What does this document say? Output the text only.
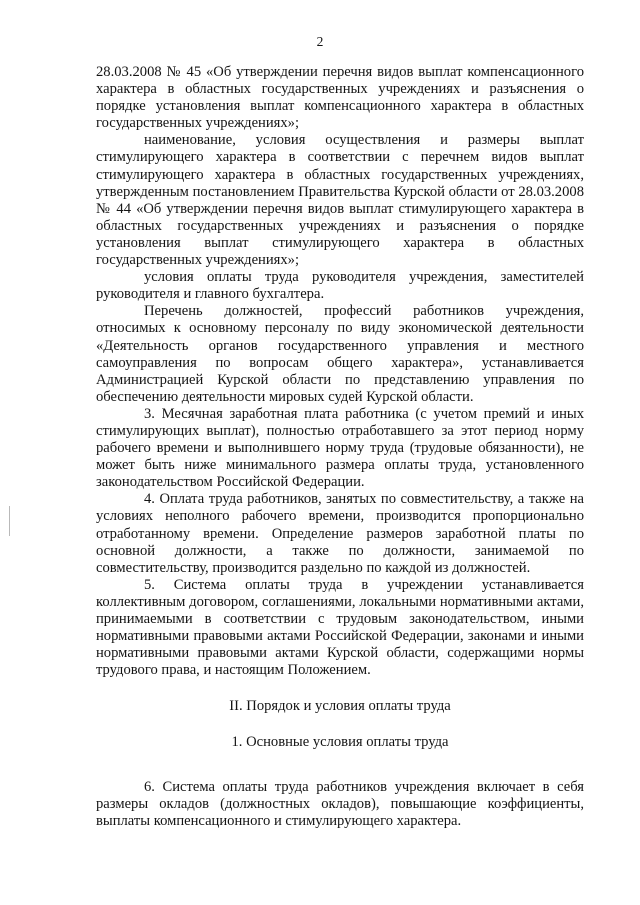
2

28.03.2008 № 45 «Об утверждении перечня видов выплат компенсационного характера в областных государственных учреждениях и разъяснения о порядке установления выплат компенсационного характера в областных государственных учреждениях»;

наименование, условия осуществления и размеры выплат стимулирующего характера в соответствии с перечнем видов выплат стимулирующего характера в областных государственных учреждениях, утвержденным постановлением Правительства Курской области от 28.03.2008 № 44 «Об утверждении перечня видов выплат стимулирующего характера в областных государственных учреждениях и разъяснения о порядке установления выплат стимулирующего характера в областных государственных учреждениях»;

условия оплаты труда руководителя учреждения, заместителей руководителя и главного бухгалтера.

Перечень должностей, профессий работников учреждения, относимых к основному персоналу по виду экономической деятельности «Деятельность органов государственного управления и местного самоуправления по вопросам общего характера», устанавливается Администрацией Курской области по представлению управления по обеспечению деятельности мировых судей Курской области.

3. Месячная заработная плата работника (с учетом премий и иных стимулирующих выплат), полностью отработавшего за этот период норму рабочего времени и выполнившего норму труда (трудовые обязанности), не может быть ниже минимального размера оплаты труда, установленного законодательством Российской Федерации.

4. Оплата труда работников, занятых по совместительству, а также на условиях неполного рабочего времени, производится пропорционально отработанному времени. Определение размеров заработной платы по основной должности, а также по должности, занимаемой по совместительству, производится раздельно по каждой из должностей.

5. Система оплаты труда в учреждении устанавливается коллективным договором, соглашениями, локальными нормативными актами, принимаемыми в соответствии с трудовым законодательством, иными нормативными правовыми актами Российской Федерации, законами и иными нормативными правовыми актами Курской области, содержащими нормы трудового права, и настоящим Положением.

II. Порядок и условия оплаты труда

1. Основные условия оплаты труда

6. Система оплаты труда работников учреждения включает в себя размеры окладов (должностных окладов), повышающие коэффициенты, выплаты компенсационного и стимулирующего характера.
